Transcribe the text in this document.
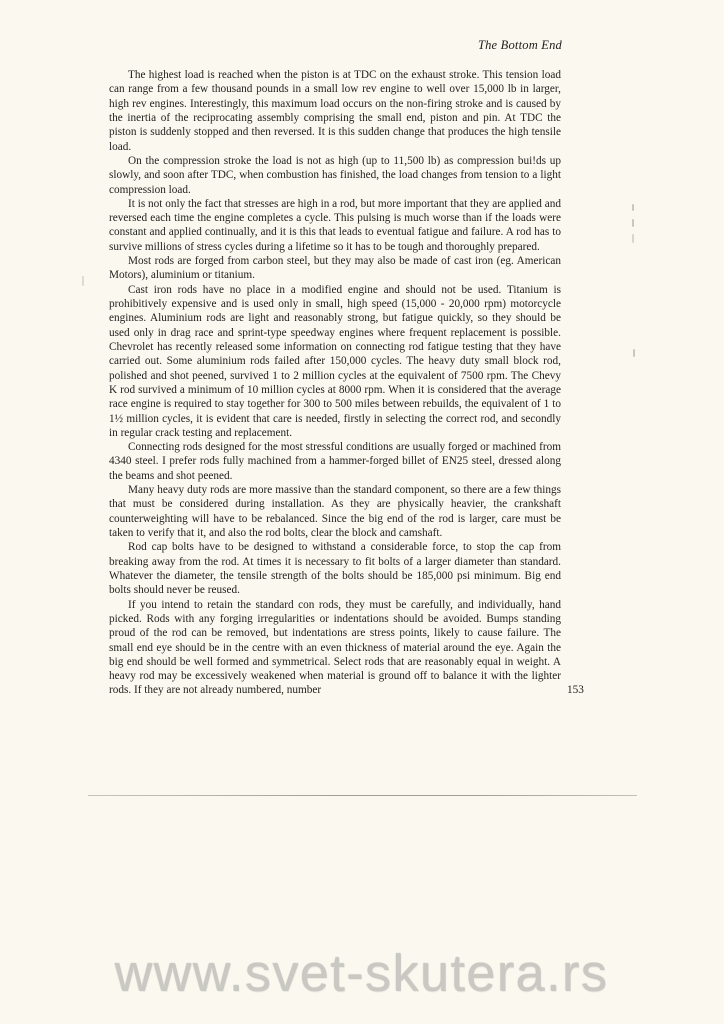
The Bottom End

The highest load is reached when the piston is at TDC on the exhaust stroke. This tension load can range from a few thousand pounds in a small low rev engine to well over 15,000 lb in larger, high rev engines. Interestingly, this maximum load occurs on the non-firing stroke and is caused by the inertia of the reciprocating assembly comprising the small end, piston and pin. At TDC the piston is suddenly stopped and then reversed. It is this sudden change that produces the high tensile load.

On the compression stroke the load is not as high (up to 11,500 lb) as compression bui!ds up slowly, and soon after TDC, when combustion has finished, the load changes from tension to a light compression load.

It is not only the fact that stresses are high in a rod, but more important that they are applied and reversed each time the engine completes a cycle. This pulsing is much worse than if the loads were constant and applied continually, and it is this that leads to eventual fatigue and failure. A rod has to survive millions of stress cycles during a lifetime so it has to be tough and thoroughly prepared.

Most rods are forged from carbon steel, but they may also be made of cast iron (eg. American Motors), aluminium or titanium.

Cast iron rods have no place in a modified engine and should not be used. Titanium is prohibitively expensive and is used only in small, high speed (15,000 - 20,000 rpm) motorcycle engines. Aluminium rods are light and reasonably strong, but fatigue quickly, so they should be used only in drag race and sprint-type speedway engines where frequent replacement is possible. Chevrolet has recently released some information on connecting rod fatigue testing that they have carried out. Some aluminium rods failed after 150,000 cycles. The heavy duty small block rod, polished and shot peened, survived 1 to 2 million cycles at the equivalent of 7500 rpm. The Chevy K rod survived a minimum of 10 million cycles at 8000 rpm. When it is considered that the average race engine is required to stay together for 300 to 500 miles between rebuilds, the equivalent of 1 to 1½ million cycles, it is evident that care is needed, firstly in selecting the correct rod, and secondly in regular crack testing and replacement.

Connecting rods designed for the most stressful conditions are usually forged or machined from 4340 steel. I prefer rods fully machined from a hammer-forged billet of EN25 steel, dressed along the beams and shot peened.

Many heavy duty rods are more massive than the standard component, so there are a few things that must be considered during installation. As they are physically heavier, the crankshaft counterweighting will have to be rebalanced. Since the big end of the rod is larger, care must be taken to verify that it, and also the rod bolts, clear the block and camshaft.

Rod cap bolts have to be designed to withstand a considerable force, to stop the cap from breaking away from the rod. At times it is necessary to fit bolts of a larger diameter than standard. Whatever the diameter, the tensile strength of the bolts should be 185,000 psi minimum. Big end bolts should never be reused.

If you intend to retain the standard con rods, they must be carefully, and individually, hand picked. Rods with any forging irregularities or indentations should be avoided. Bumps standing proud of the rod can be removed, but indentations are stress points, likely to cause failure. The small end eye should be in the centre with an even thickness of material around the eye. Again the big end should be well formed and symmetrical. Select rods that are reasonably equal in weight. A heavy rod may be excessively weakened when material is ground off to balance it with the lighter rods. If they are not already numbered, number	153
www.svet-skutera.rs
